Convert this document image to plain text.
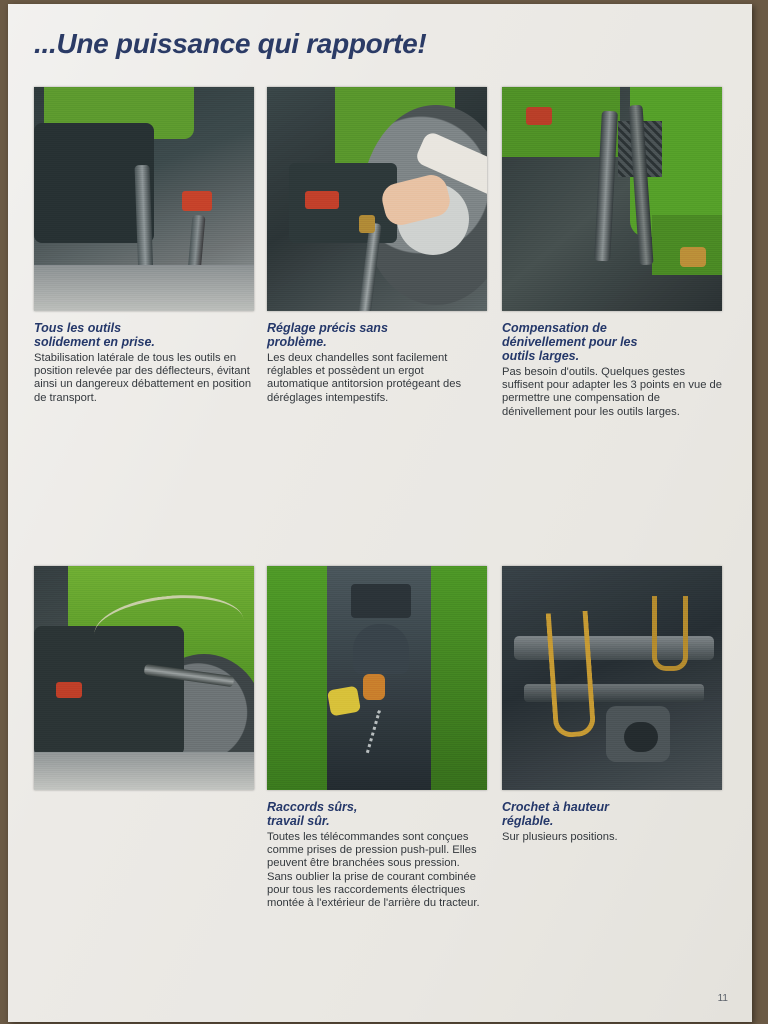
...Une puissance qui rapporte!
Tous les outils
solidement en prise.
Stabilisation latérale de tous les outils en position relevée par des déflecteurs, évitant ainsi un dangereux débattement en position de transport.
Réglage précis sans
problème.
Les deux chandelles sont facilement réglables et possèdent un ergot automatique antitorsion protégeant des déréglages intempestifs.
Compensation de
dénivellement pour les
outils larges.
Pas besoin d'outils. Quelques gestes suffisent pour adapter les 3 points en vue de permettre une compensation de dénivellement pour les outils larges.
Raccords sûrs,
travail sûr.
Toutes les télécommandes sont conçues comme prises de pression push-pull. Elles peuvent être branchées sous pression. Sans oublier la prise de courant combinée pour tous les raccordements électriques montée à l'extérieur de l'arrière du tracteur.
Crochet à hauteur
réglable.
Sur plusieurs positions.
11
